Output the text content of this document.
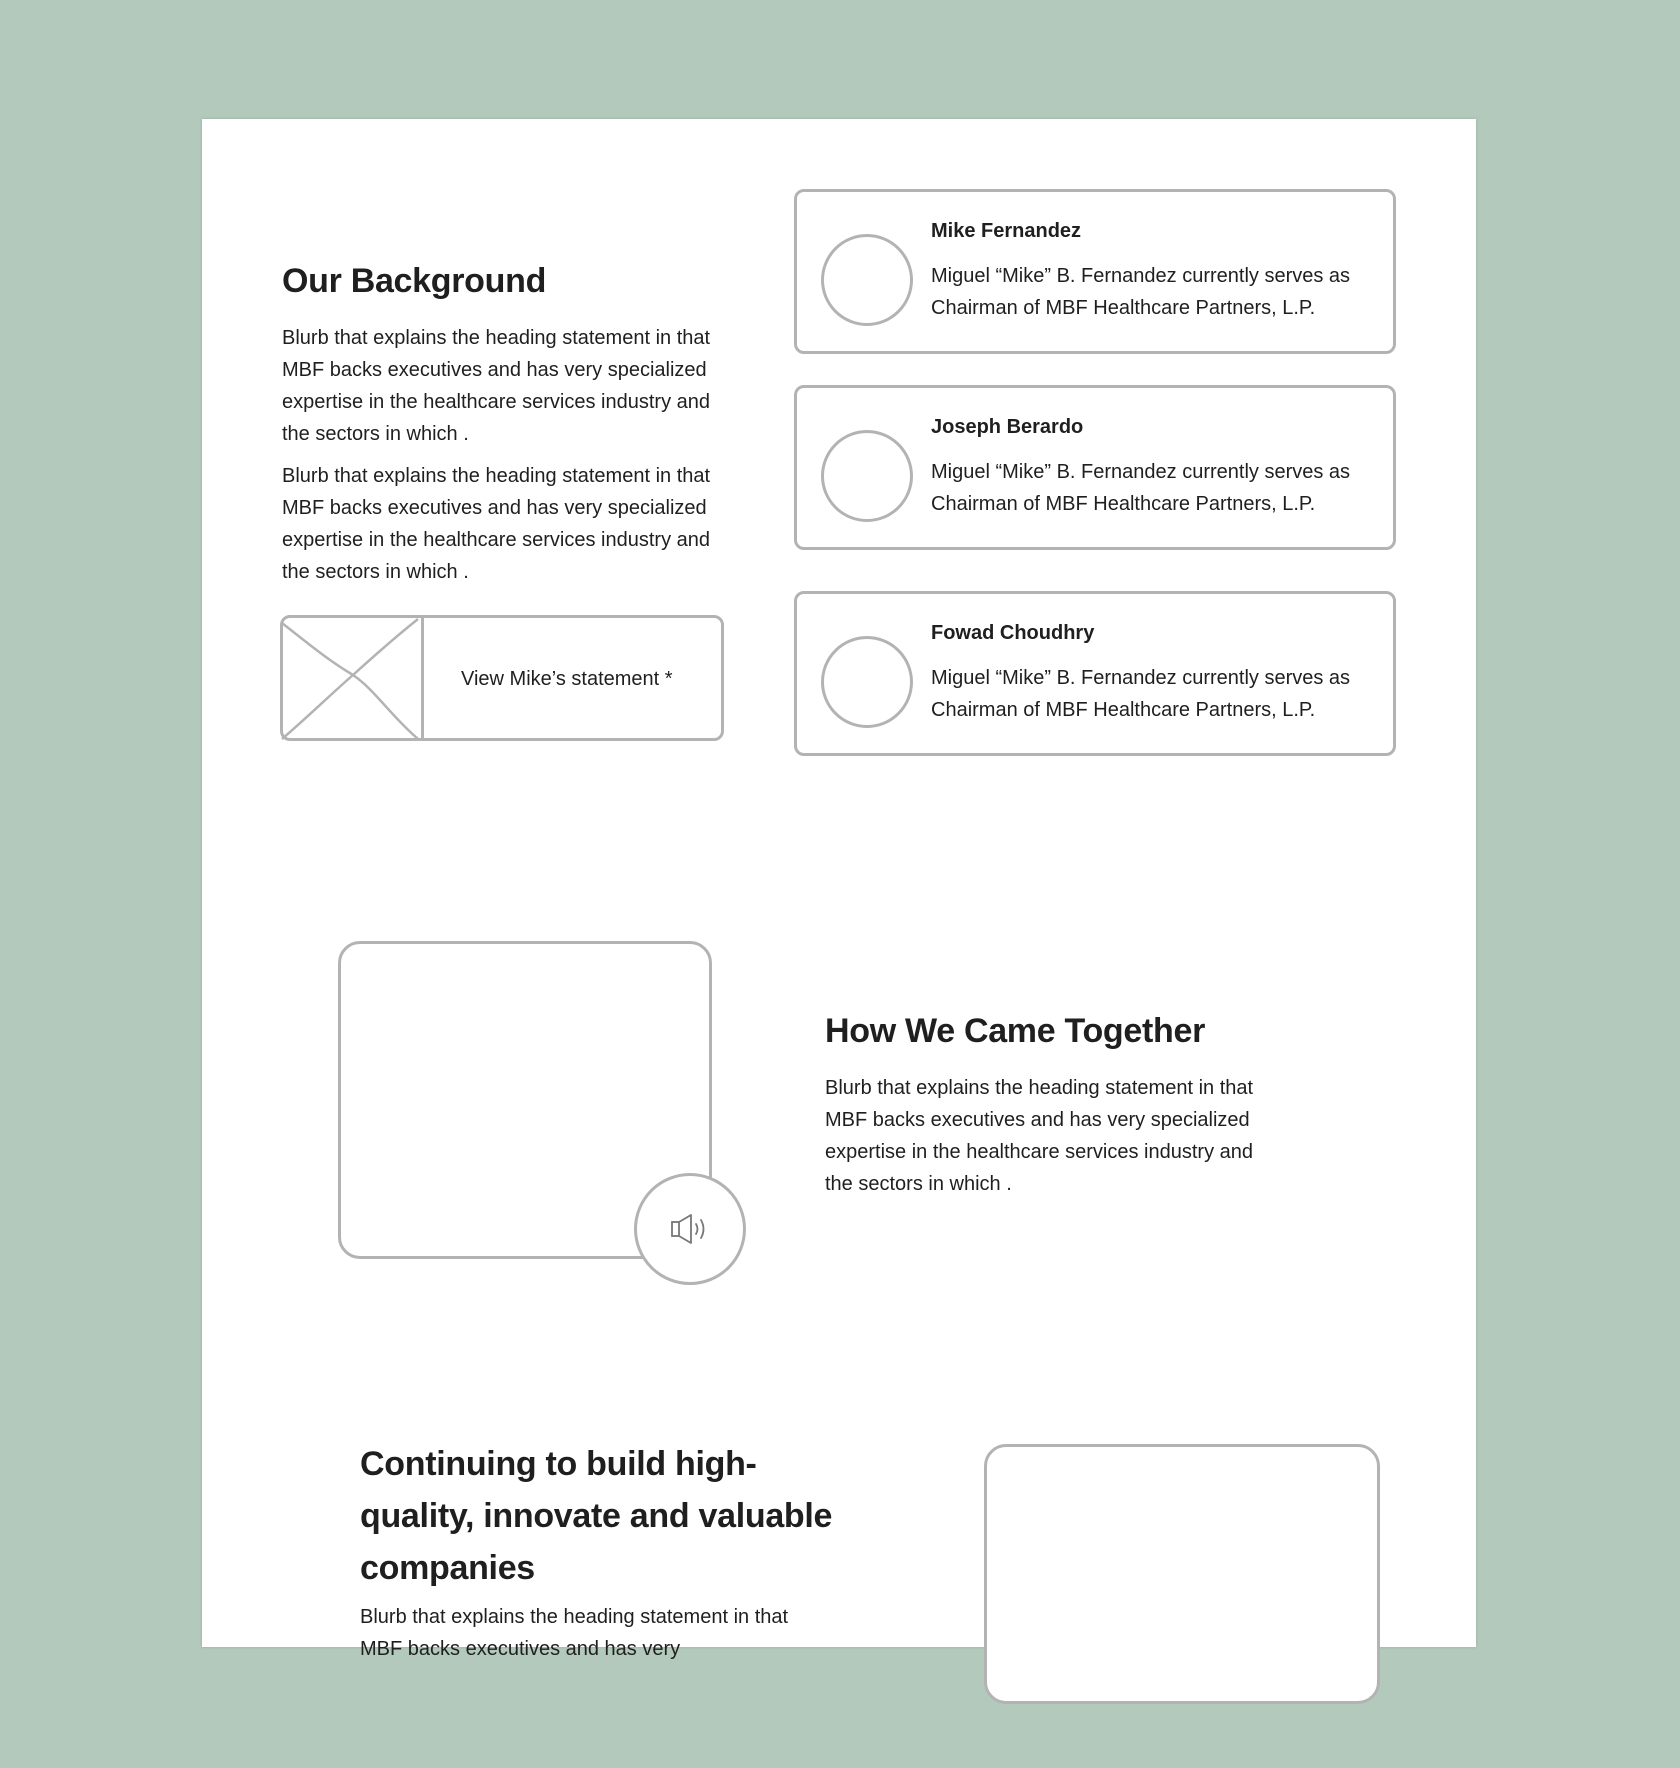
Our Background

Blurb that explains the heading statement in that MBF backs executives and has very specialized expertise in the healthcare services industry and the sectors in which .

Blurb that explains the heading statement in that MBF backs executives and has very specialized expertise in the healthcare services industry and the sectors in which .

View Mike’s statement *
Mike Fernandez
Miguel “Mike” B. Fernandez currently serves as Chairman of MBF Healthcare Partners, L.P.
Joseph Berardo
Miguel “Mike” B. Fernandez currently serves as Chairman of MBF Healthcare Partners, L.P.
Fowad Choudhry
Miguel “Mike” B. Fernandez currently serves as Chairman of MBF Healthcare Partners, L.P.
How We Came Together

Blurb that explains the heading statement in that MBF backs executives and has very specialized expertise in the healthcare services industry and the sectors in which .

Continuing to build high-quality, innovate and valuable companies

Blurb that explains the heading statement in that MBF backs executives and has very
